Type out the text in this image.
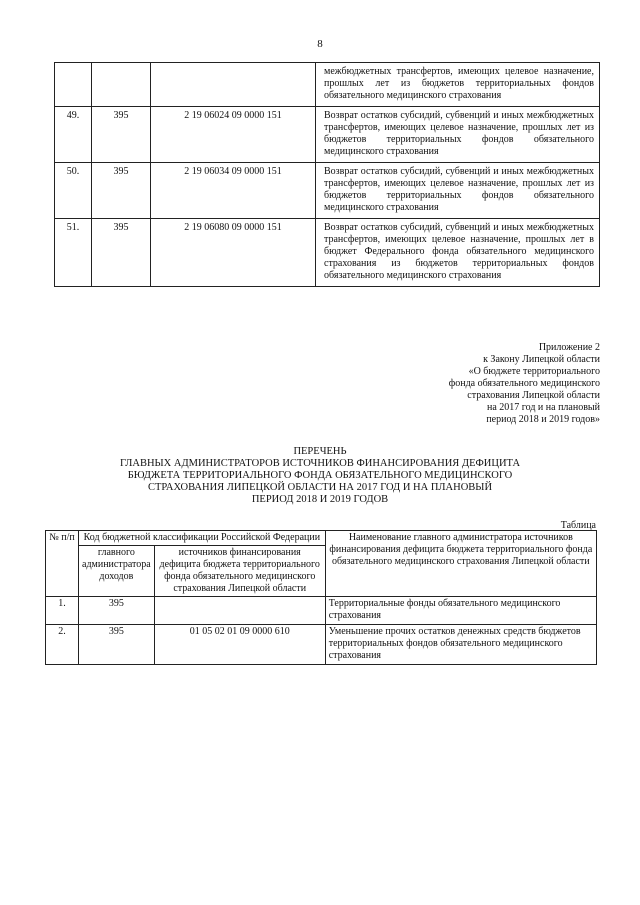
8
			межбюджетных трансфертов, имеющих целевое назначение, прошлых лет из бюджетов территориальных фондов обязательного медицинского страхования
49.	395	2 19 06024 09 0000 151	Возврат остатков субсидий, субвенций и иных межбюджетных трансфертов, имеющих целевое назначение, прошлых лет из бюджетов территориальных фондов обязательного медицинского страхования
50.	395	2 19 06034 09 0000 151	Возврат остатков субсидий, субвенций и иных межбюджетных трансфертов, имеющих целевое назначение, прошлых лет из бюджетов территориальных фондов обязательного медицинского страхования
51.	395	2 19 06080 09 0000 151	Возврат остатков субсидий, субвенций и иных межбюджетных трансфертов, имеющих целевое назначение, прошлых лет в бюджет Федерального фонда обязательного медицинского страхования из бюджетов территориальных фондов обязательного медицинского страхования
Приложение 2
к Закону Липецкой области
«О бюджете территориального
фонда обязательного медицинского
страхования Липецкой области
на 2017 год и на плановый
период 2018 и 2019 годов»
ПЕРЕЧЕНЬ
ГЛАВНЫХ АДМИНИСТРАТОРОВ ИСТОЧНИКОВ ФИНАНСИРОВАНИЯ ДЕФИЦИТА
БЮДЖЕТА ТЕРРИТОРИАЛЬНОГО ФОНДА ОБЯЗАТЕЛЬНОГО МЕДИЦИНСКОГО
СТРАХОВАНИЯ ЛИПЕЦКОЙ ОБЛАСТИ НА 2017 ГОД И НА ПЛАНОВЫЙ
ПЕРИОД 2018 И 2019 ГОДОВ
Таблица
№ п/п	Код бюджетной классификации Российской Федерации		Наименование главного администратора источников финансирования дефицита бюджета территориального фонда обязательного медицинского страхования Липецкой области
	главного администратора доходов	источников финансирования дефицита бюджета территориального фонда обязательного медицинского страхования Липецкой области	
1.	395		Территориальные фонды обязательного медицинского страхования
2.	395	01 05 02 01 09 0000 610	Уменьшение прочих остатков денежных средств бюджетов территориальных фондов обязательного медицинского страхования
